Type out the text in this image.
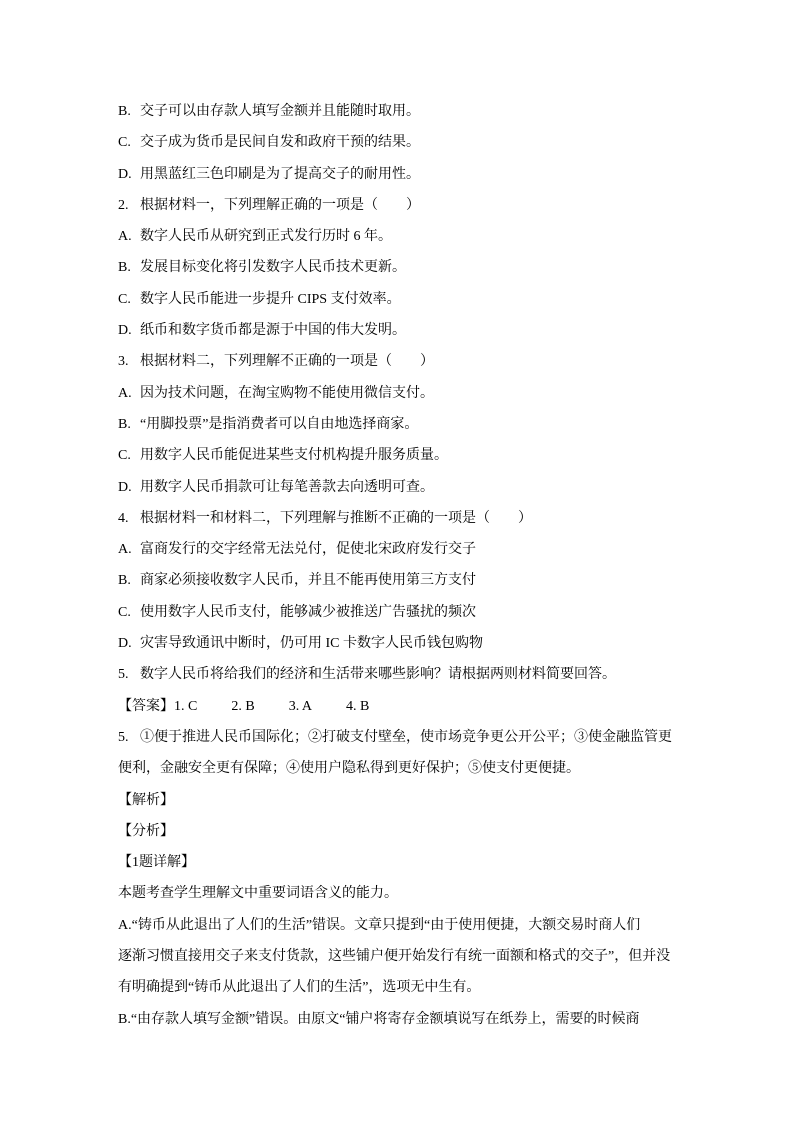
B. 交子可以由存款人填写金额并且能随时取用。
C. 交子成为货币是民间自发和政府干预的结果。
D. 用黑蓝红三色印刷是为了提高交子的耐用性。
2. 根据材料一，下列理解正确的一项是（　　）
A. 数字人民币从研究到正式发行历时 6 年。
B. 发展目标变化将引发数字人民币技术更新。
C. 数字人民币能进一步提升 CIPS 支付效率。
D. 纸币和数字货币都是源于中国的伟大发明。
3. 根据材料二，下列理解不正确的一项是（　　）
A. 因为技术问题，在淘宝购物不能使用微信支付。
B. “用脚投票”是指消费者可以自由地选择商家。
C. 用数字人民币能促进某些支付机构提升服务质量。
D. 用数字人民币捐款可让每笔善款去向透明可查。
4. 根据材料一和材料二，下列理解与推断不正确的一项是（　　）
A. 富商发行的交字经常无法兑付，促使北宋政府发行交子
B. 商家必须接收数字人民币，并且不能再使用第三方支付
C. 使用数字人民币支付，能够减少被推送广告骚扰的频次
D. 灾害导致通讯中断时，仍可用 IC 卡数字人民币钱包购物
5. 数字人民币将给我们的经济和生活带来哪些影响？请根据两则材料简要回答。
【答案】1. C 2. B 3. A 4. B
5. ①便于推进人民币国际化；②打破支付壁垒，使市场竞争更公开公平；③使金融监管更
便利，金融安全更有保障；④使用户隐私得到更好保护；⑤使支付更便捷。
【解析】
【分析】
【1题详解】
本题考查学生理解文中重要词语含义的能力。
A.“铸币从此退出了人们的生活”错误。文章只提到“由于使用便捷，大额交易时商人们
逐渐习惯直接用交子来支付货款，这些铺户便开始发行有统一面额和格式的交子”，但并没
有明确提到“铸币从此退出了人们的生活”，选项无中生有。
B.“由存款人填写金额”错误。由原文“铺户将寄存金额填说写在纸券上，需要的时候商
